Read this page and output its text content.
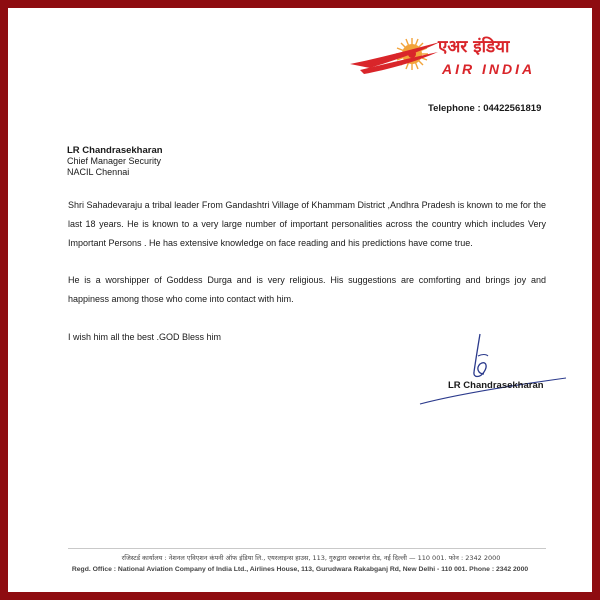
एअर इंडिया
AIR INDIA
Telephone : 04422561819
LR Chandrasekharan
Chief Manager Security
NACIL Chennai

Shri Sahadevaraju a tribal leader From Gandashtri Village of Khammam District ,Andhra Pradesh is known to me for the last 18 years. He is known to a very large number of important personalities across the country which includes Very Important Persons . He has extensive knowledge on face reading and his predictions have come true.

He is a worshipper of Goddess Durga and is very religious. His suggestions are comforting and brings joy and happiness among those who come into contact with him.

I wish him all the best .GOD Bless him
LR Chandrasekharan
रजिस्टर्ड कार्यालय : नेशनल एविएशन कंपनी ऑफ इंडिया लि., एयरलाइन्स हाउस, 113, गुरुद्वारा रकाबगंज रोड, नई दिल्ली — 110 001. फोन : 2342 2000
Regd. Office : National Aviation Company of India Ltd., Airlines House, 113, Gurudwara Rakabganj Rd, New Delhi - 110 001. Phone : 2342 2000
